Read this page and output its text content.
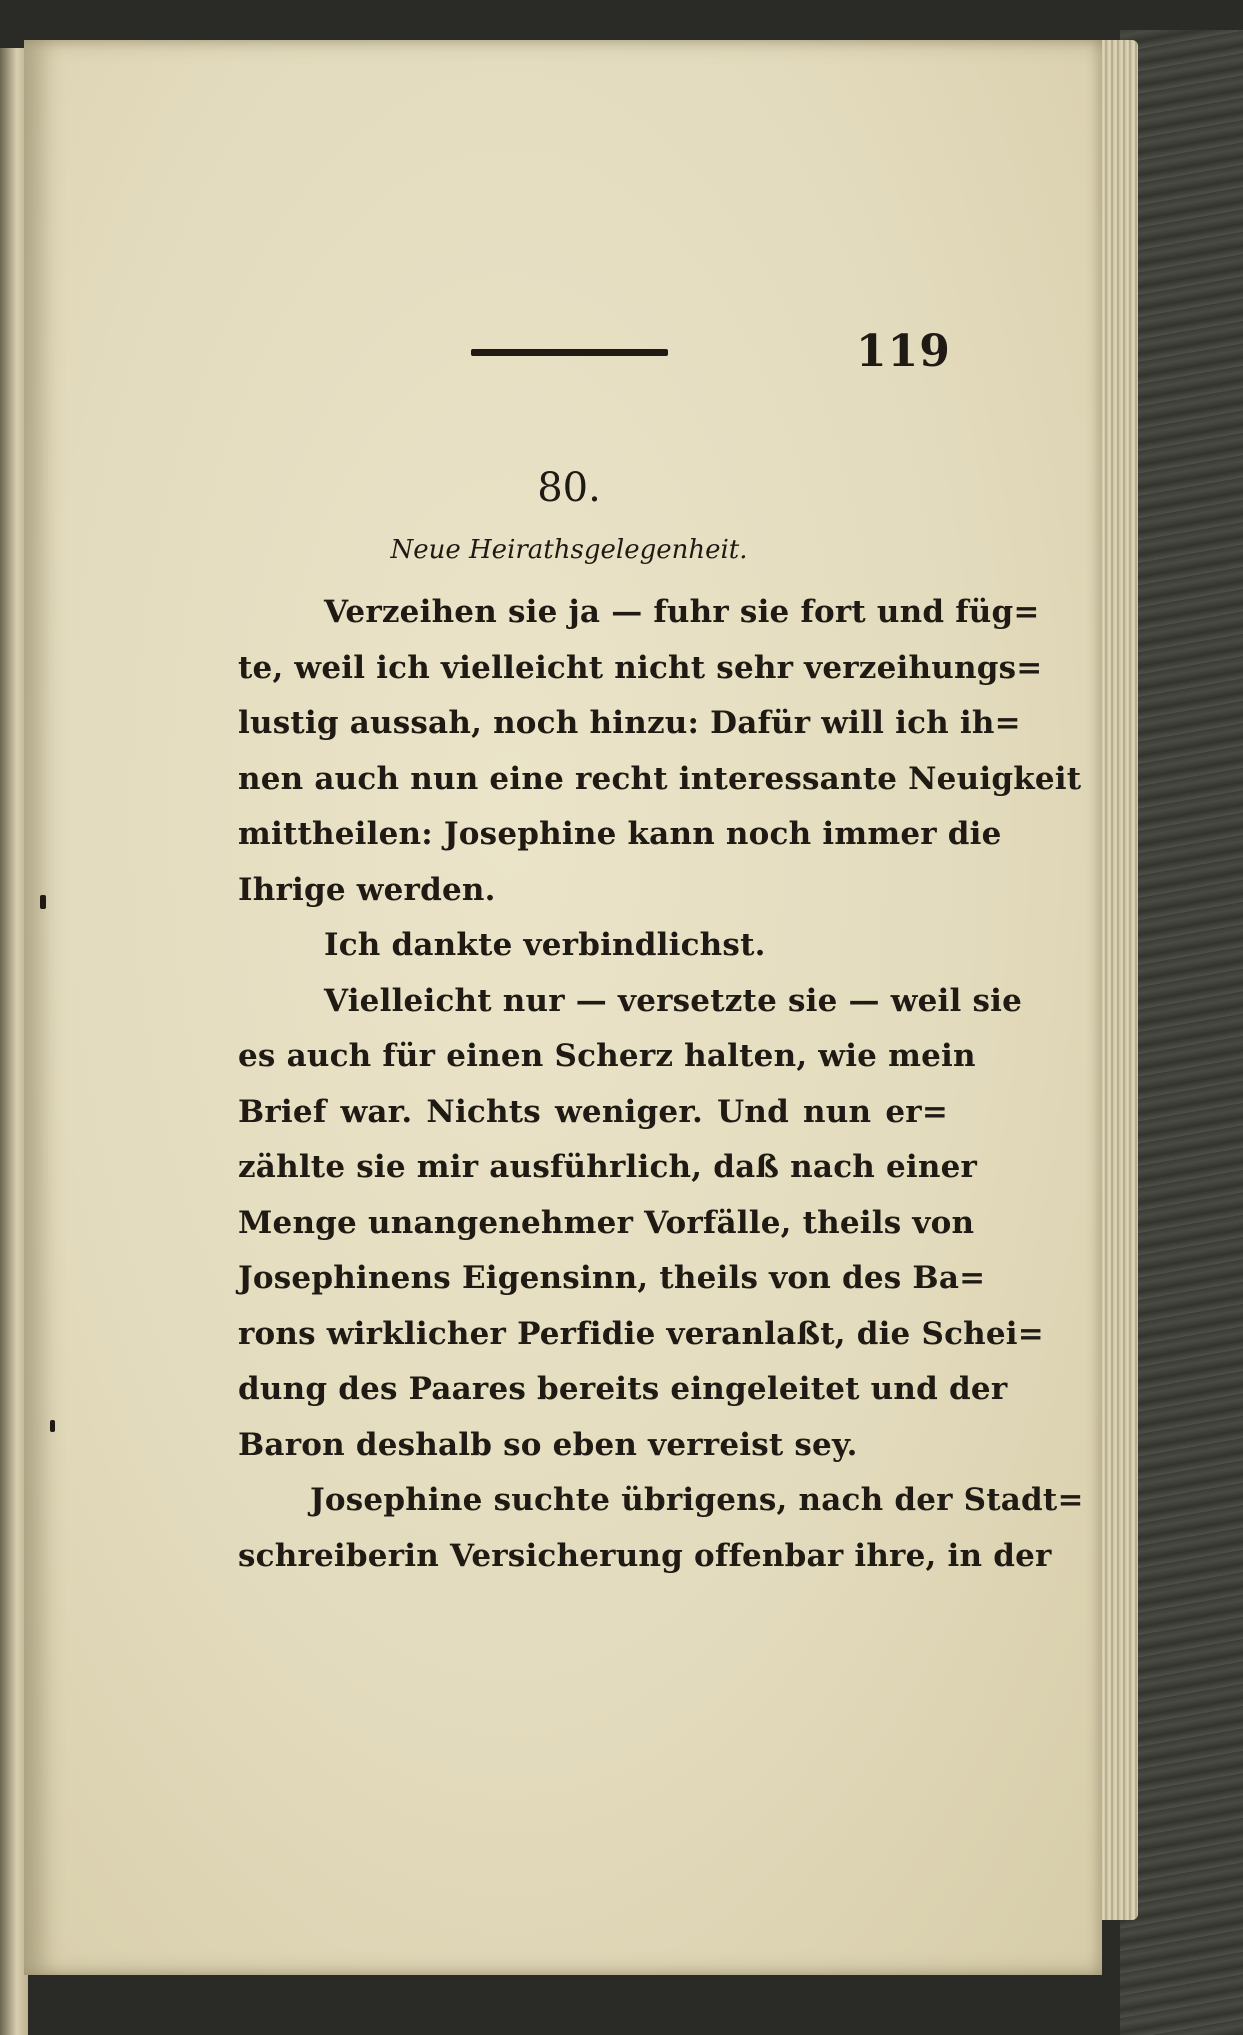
119
80.
Neue Heirathsgelegenheit.
Verzeihen sie ja — fuhr sie fort und füg=
te, weil ich vielleicht nicht sehr verzeihungs=
lustig aussah, noch hinzu: Dafür will ich ih=
nen auch nun eine recht interessante Neuigkeit
mittheilen: Josephine kann noch immer die
Ihrige werden.
Ich dankte verbindlichst.
Vielleicht nur — versetzte sie — weil sie
es auch für einen Scherz halten, wie mein
Brief war. Nichts weniger. Und nun er=
zählte sie mir ausführlich, daß nach einer
Menge unangenehmer Vorfälle, theils von
Josephinens Eigensinn, theils von des Ba=
rons wirklicher Perfidie veranlaßt, die Schei=
dung des Paares bereits eingeleitet und der
Baron deshalb so eben verreist sey.
Josephine suchte übrigens, nach der Stadt=
schreiberin Versicherung offenbar ihre, in der
